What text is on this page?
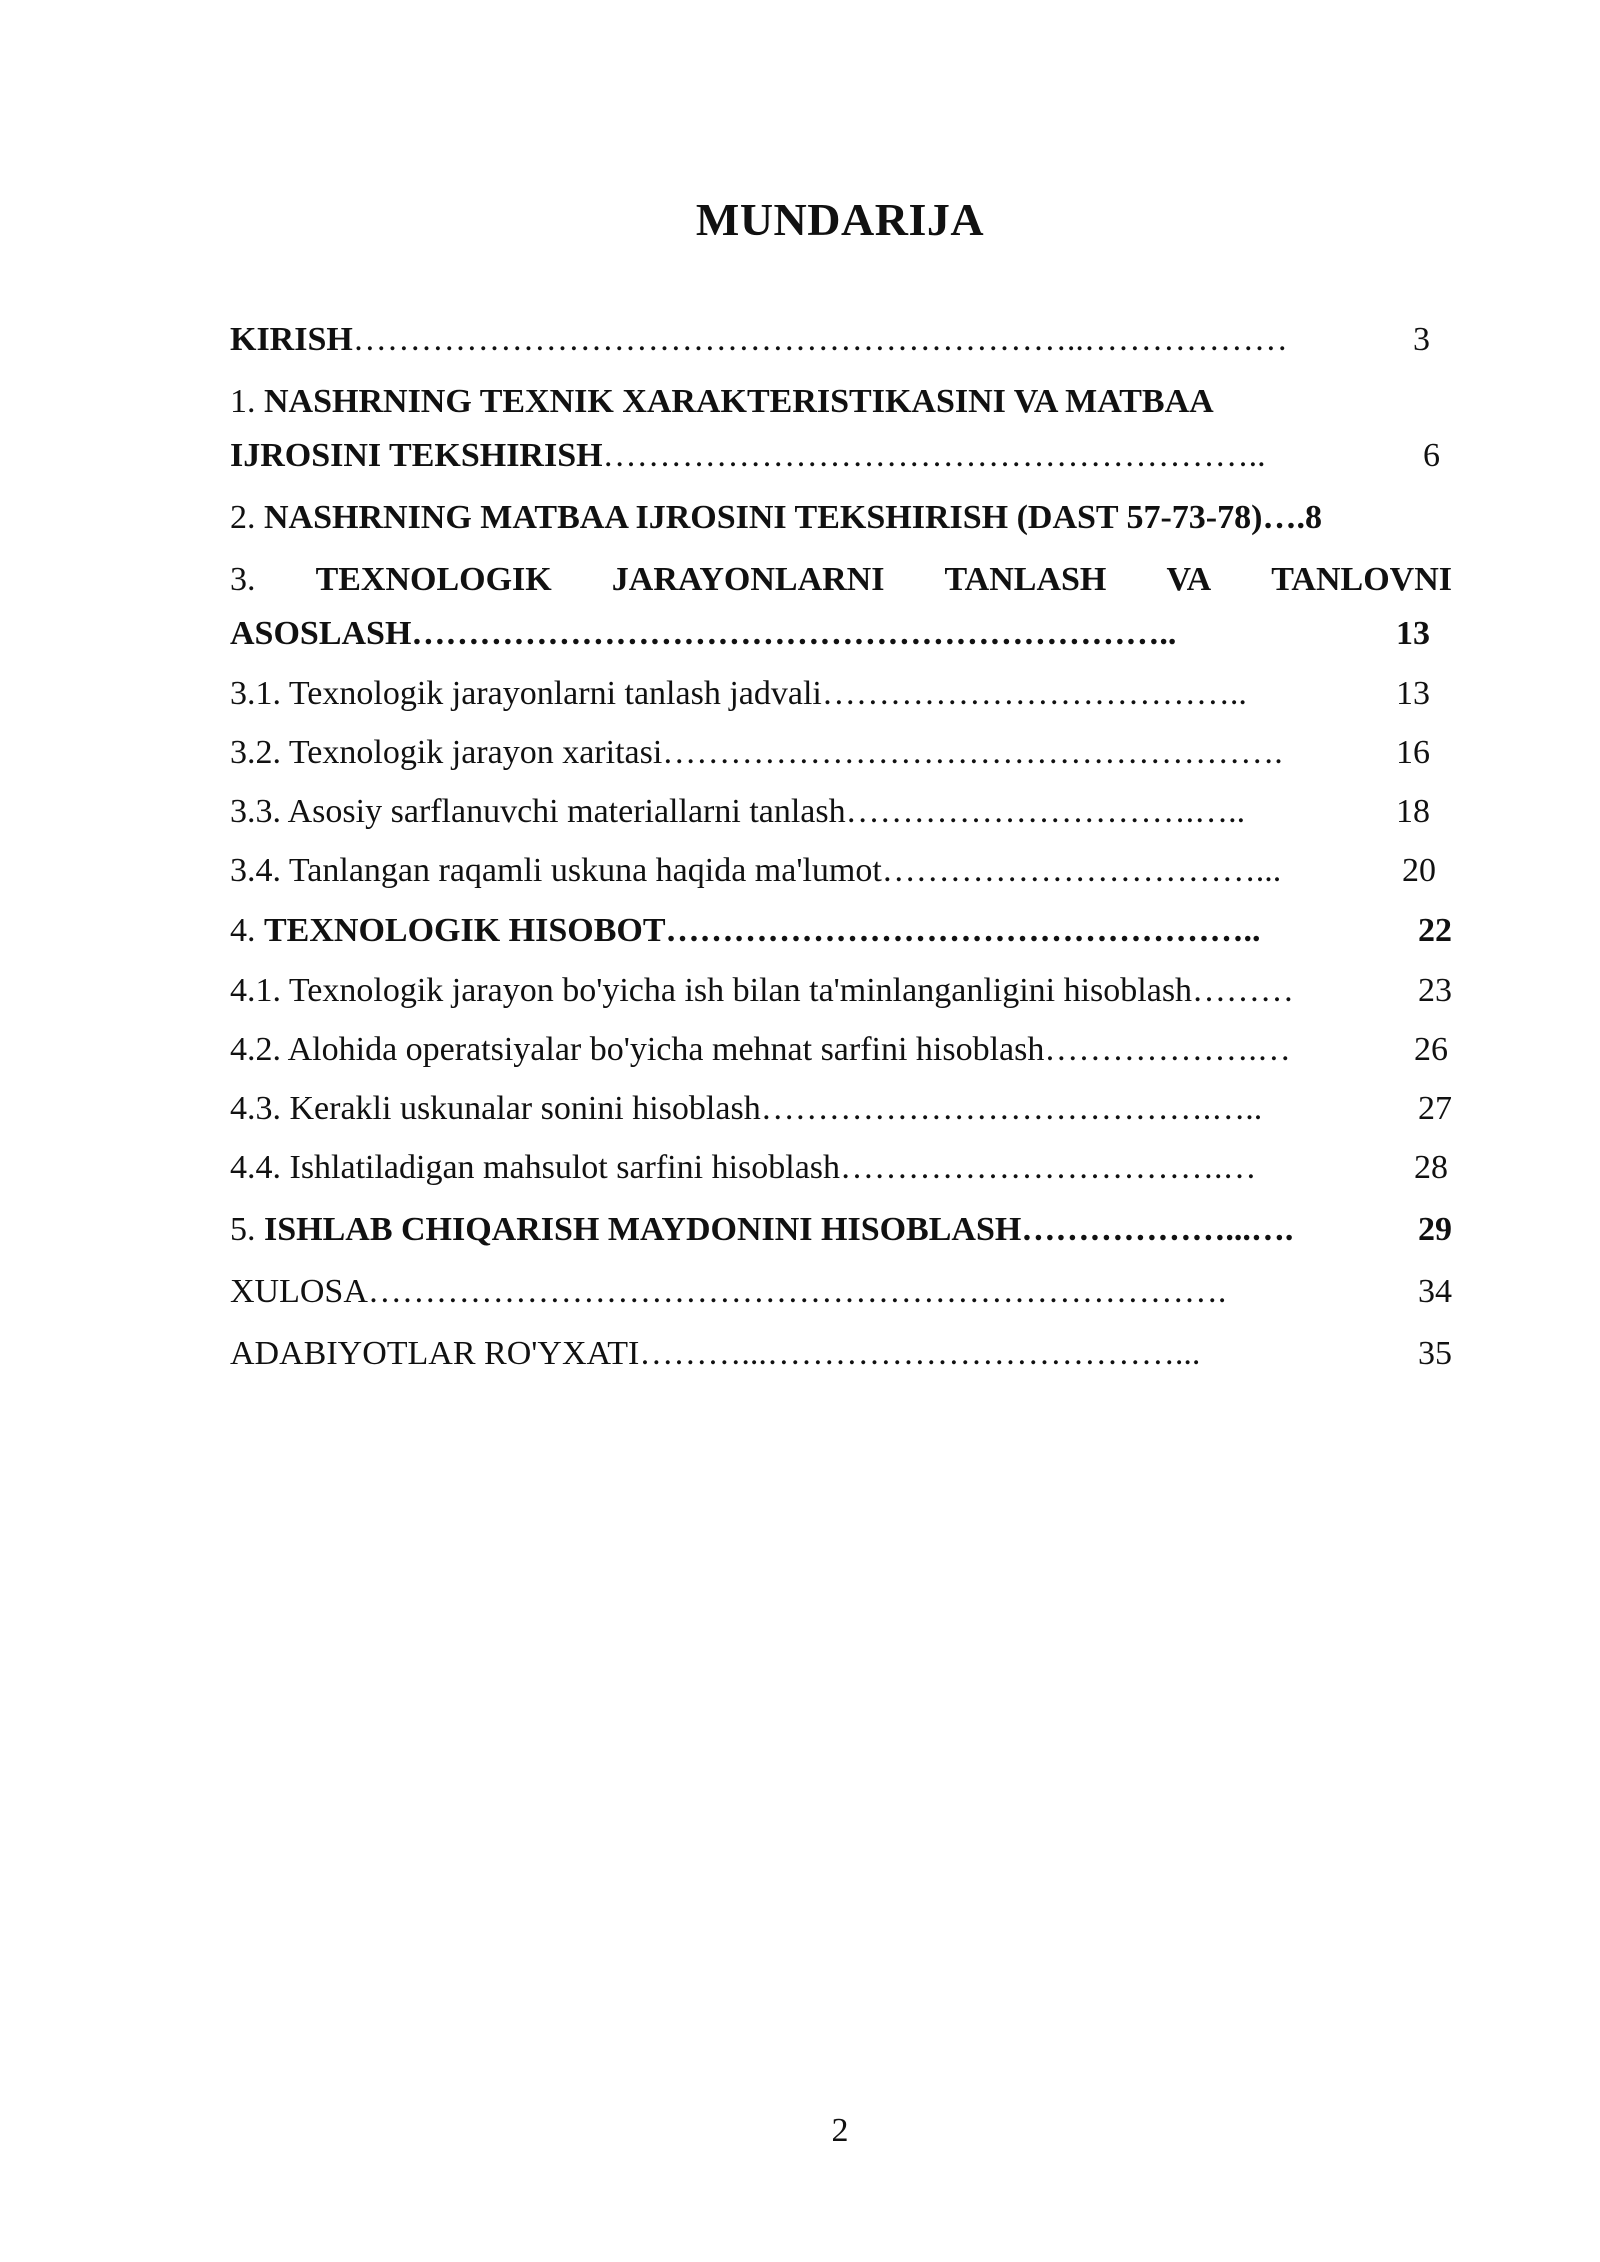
MUNDARIJA
KIRISH………………………………………………………..………………	3
1. NASHRNING TEXNIK XARAKTERISTIKASINI VA MATBAA
IJROSINI TEKSHIRISH…………………………………………………..	6
2. NASHRNING MATBAA IJROSINI TEKSHIRISH (DAST 57-73-78)….8
3. TEXNOLOGIK JARAYONLARNI TANLASH VA TANLOVNI
ASOSLASH…………………………………………………………..	13
3.1. Texnologik jarayonlarni tanlash jadvali………………………………..	13
3.2. Texnologik jarayon xaritasi……………………………………………….	16
3.3. Asosiy sarflanuvchi materiallarni tanlash………………………….…..	18
3.4. Tanlangan raqamli uskuna haqida ma'lumot……………………………...	20
4. TEXNOLOGIK HISOBOT……………………………………………..	22
4.1. Texnologik jarayon bo'yicha ish bilan ta'minlanganligini hisoblash………	23
4.2. Alohida operatsiyalar bo'yicha mehnat sarfini hisoblash……………….…	26
4.3. Kerakli uskunalar sonini hisoblash………………………………….…..	27
4.4. Ishlatiladigan mahsulot sarfini hisoblash…………………………….…	28
5. ISHLAB CHIQARISH MAYDONINI HISOBLASH………………...….	29
XULOSA………………………………………………………………….	34
ADABIYOTLAR RO'YXATI………...………………………………...	35
2
